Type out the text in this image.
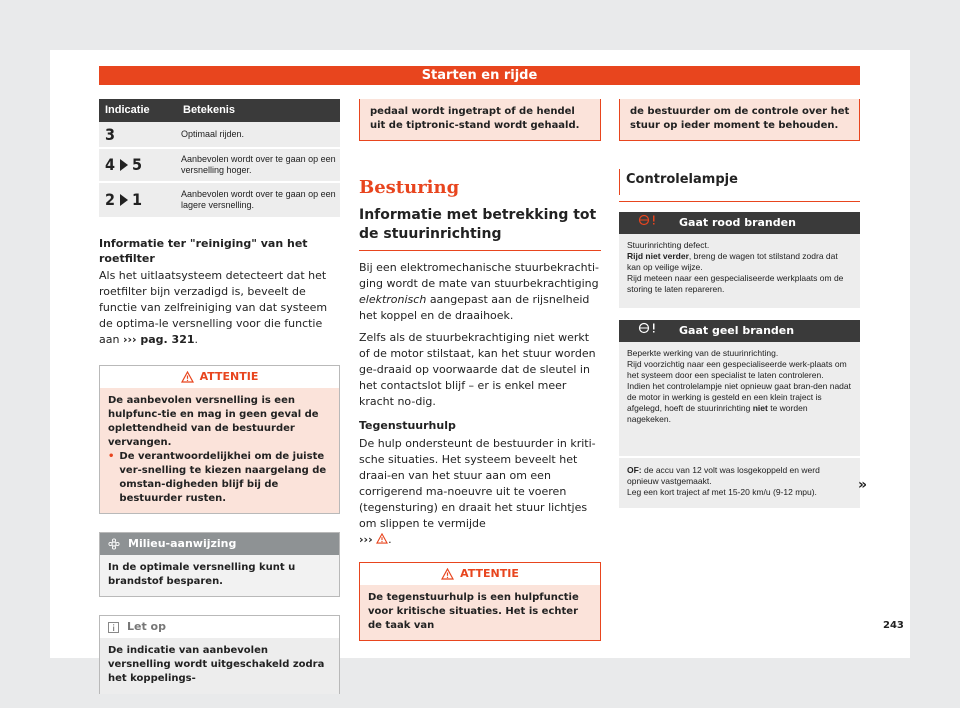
Starten en rijde
Indicatie	Betekenis
3	Optimaal rijden.
4 5	Aanbevolen wordt over te gaan op een versnelling hoger.
2 1	Aanbevolen wordt over te gaan op een lagere versnelling.
Informatie ter "reiniging" van het roetfilter

Als het uitlaatsysteem detecteert dat het roetfilter bijn verzadigd is, beveelt de functie van zelfreiniging van dat systeem de optima-le versnelling voor die functie aan ››› pag. 321.

ATTENTIE
De aanbevolen versnelling is een hulpfunc-tie en mag in geen geval de oplettendheid van de bestuurder vervangen.
• De verantwoordelijkhei om de juiste ver-snelling te kiezen naargelang de omstan-digheden blijf bij de bestuurder rusten.
Milieu-aanwijzing
In de optimale versnelling kunt u brandstof besparen.
Let op
De indicatie van aanbevolen versnelling wordt uitgeschakeld zodra het koppelings-
pedaal wordt ingetrapt of de hendel uit de tiptronic-stand wordt gehaald.
Besturing
Informatie met betrekking tot de stuurinrichting

Bij een elektromechanische stuurbekrachti-ging wordt de mate van stuurbekrachtiging elektronisch aangepast aan de rijsnelheid het koppel en de draaihoek.

Zelfs als de stuurbekrachtiging niet werkt of de motor stilstaat, kan het stuur worden ge-draaid op voorwaarde dat de sleutel in het contactslot blijf – er is enkel meer kracht no-dig.

Tegenstuurhulp

De hulp ondersteunt de bestuurder in kriti-sche situaties. Het systeem beveelt het draai-en van het stuur aan om een corrigerend ma-noeuvre uit te voeren (tegensturing) en draait het stuur lichtjes om slippen te vermijde
››› .

ATTENTIE
De tegenstuurhulp is een hulpfunctie voor kritische situaties. Het is echter de taak van
de bestuurder om de controle over het stuur op ieder moment te behouden.
Controlelampje
Gaat rood branden
Stuurinrichting defect.
Rijd niet verder, breng de wagen tot stilstand zodra dat kan op veilige wijze.
Rijd meteen naar een gespecialiseerde werkplaats om de storing te laten repareren.
Gaat geel branden
Beperkte werking van de stuurinrichting.
Rijd voorzichtig naar een gespecialiseerde werk-plaats om het systeem door een specialist te laten controleren.
Indien het controlelampje niet opnieuw gaat bran-den nadat de motor in werking is gesteld en een klein traject is afgelegd, hoeft de stuurinrichting niet te worden nagekeken.
OF: de accu van 12 volt was losgekoppeld en werd opnieuw vastgemaakt.
Leg een kort traject af met 15-20 km/u (9-12 mpu).	»
243
